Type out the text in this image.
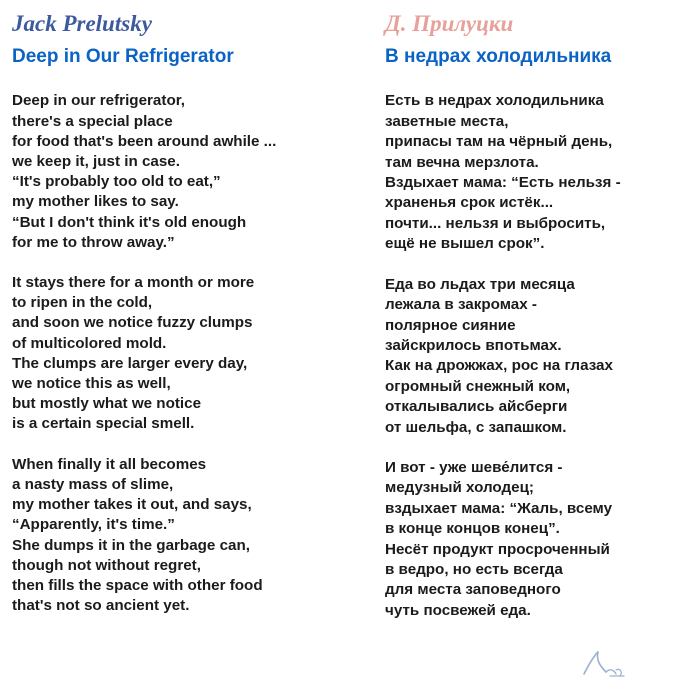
Jack Prelutsky
Deep in Our Refrigerator
Deep in our refrigerator,
there's a special place
for food that's been around awhile ...
we keep it, just in case.
“It's probably too old to eat,”
my mother likes to say.
“But I don't think it's old enough
for me to throw away.”
It stays there for a month or more
to ripen in the cold,
and soon we notice fuzzy clumps
of multicolored mold.
The clumps are larger every day,
we notice this as well,
but mostly what we notice
is a certain special smell.
When finally it all becomes
a nasty mass of slime,
my mother takes it out, and says,
“Apparently, it's time.”
She dumps it in the garbage can,
though not without regret,
then fills the space with other food
that's not so ancient yet.
Д. Прилуцки
В недрах холодильника
Есть в недрах холодильника
заветные места,
припасы там на чёрный день,
там вечна мерзлота.
Вздыхает мама: “Есть нельзя -
храненья срок истёк...
почти... нельзя и выбросить,
ещё не вышел срок”.
Еда во льдах три месяца
лежала в закромах -
полярное сияние
зайскрилось впотьмах.
Как на дрожжах, рос на глазах
огромный снежный ком,
откалывались айсберги
от шельфа, с запашком.
И вот - уже шеве́лится -
медузный холодец;
вздыхает мама: “Жаль, всему
в конце концов конец”.
Несёт продукт просроченный
в ведро, но есть всегда
для места заповедного
чуть посвежей еда.
